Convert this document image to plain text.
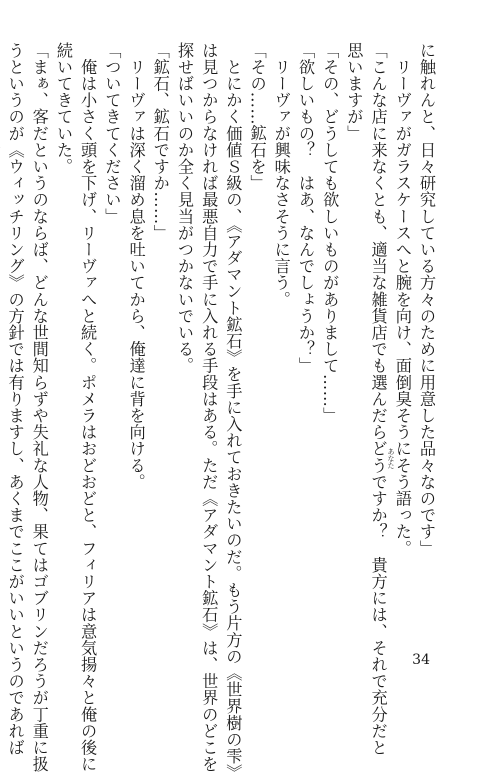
に触れんと、日々研究している方々のために用意した品々なのです」
　リーヴァがガラスケースへと腕を向け、面倒臭そうにそう語った。
「こんな店に来なくとも、適当な雑貨店でも選んだらどうですか？　貴方には、それで充分だと
思いますが」
「その、どうしても欲しいものがありまして……」
「欲しいもの？　はあ、なんでしょうか？」
　リーヴァが興味なさそうに言う。
「その……鉱石を」
　とにかく価値Ｓ級の、《アダマント鉱石》を手に入れておきたいのだ。もう片方の《世界樹の雫》
は見つからなければ最悪自力で手に入れる手段はある。ただ《アダマント鉱石》は、世界のどこを
探せばいいのか全く見当がつかないでいる。
「鉱石、鉱石ですか……」
　リーヴァは深く溜め息を吐いてから、俺達に背を向ける。
「ついてきてください」
　俺は小さく頭を下げ、リーヴァへと続く。ポメラはおどおどと、フィリアは意気揚々と俺の後に
続いてきていた。
「まぁ、客だというのならば、どんな世間知らずや失礼な人物、果てはゴブリンだろうが丁重に扱
うというのが《ウィッチリング》の方針では有りますし、あくまでここがいいというのであれば	34
あなた
